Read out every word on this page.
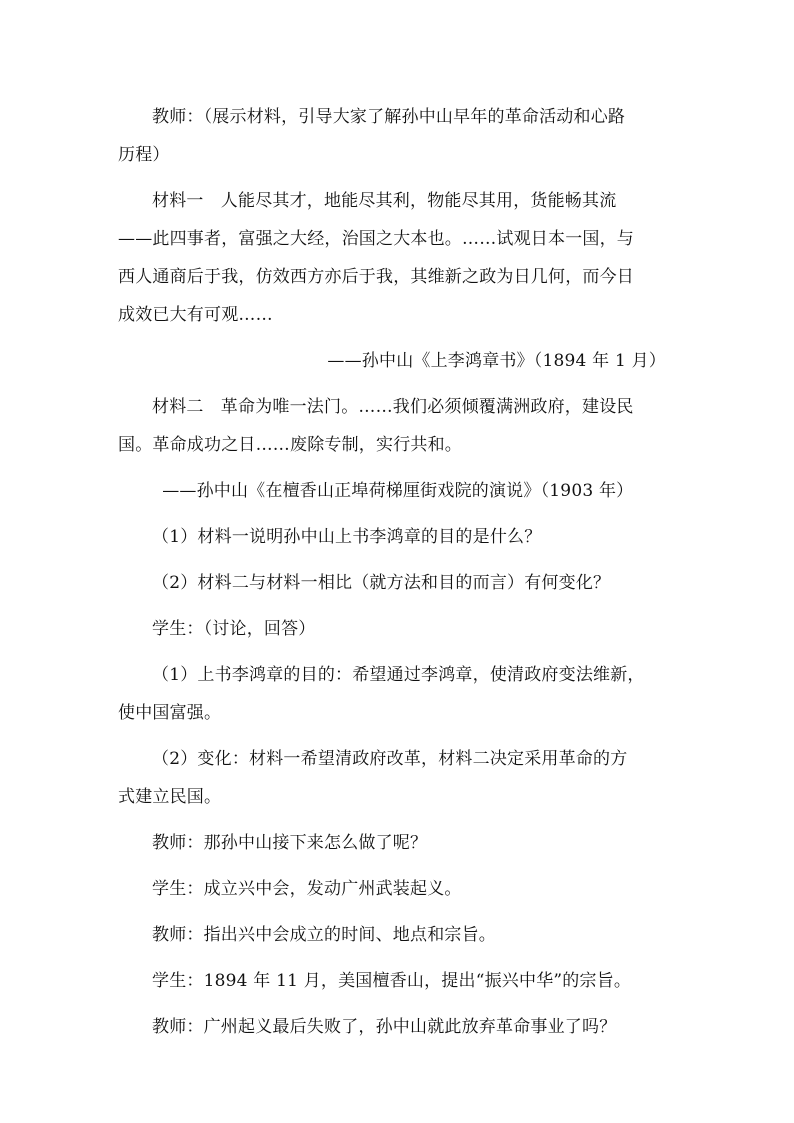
教师：（展示材料，引导大家了解孙中山早年的革命活动和心路
历程）
材料一　人能尽其才，地能尽其利，物能尽其用，货能畅其流
——此四事者，富强之大经，治国之大本也。……试观日本一国，与
西人通商后于我，仿效西方亦后于我，其维新之政为日几何，而今日
成效已大有可观……
——孙中山《上李鸿章书》（1894 年 1 月）
材料二　革命为唯一法门。……我们必须倾覆满洲政府，建设民
国。革命成功之日……废除专制，实行共和。
——孙中山《在檀香山正埠荷梯厘街戏院的演说》（1903 年）
（1）材料一说明孙中山上书李鸿章的目的是什么？
（2）材料二与材料一相比（就方法和目的而言）有何变化？
学生：（讨论，回答）
（1）上书李鸿章的目的：希望通过李鸿章，使清政府变法维新，
使中国富强。
（2）变化：材料一希望清政府改革，材料二决定采用革命的方
式建立民国。
教师：那孙中山接下来怎么做了呢？
学生：成立兴中会，发动广州武装起义。
教师：指出兴中会成立的时间、地点和宗旨。
学生：1894 年 11 月，美国檀香山，提出“振兴中华”的宗旨。
教师：广州起义最后失败了，孙中山就此放弃革命事业了吗？
